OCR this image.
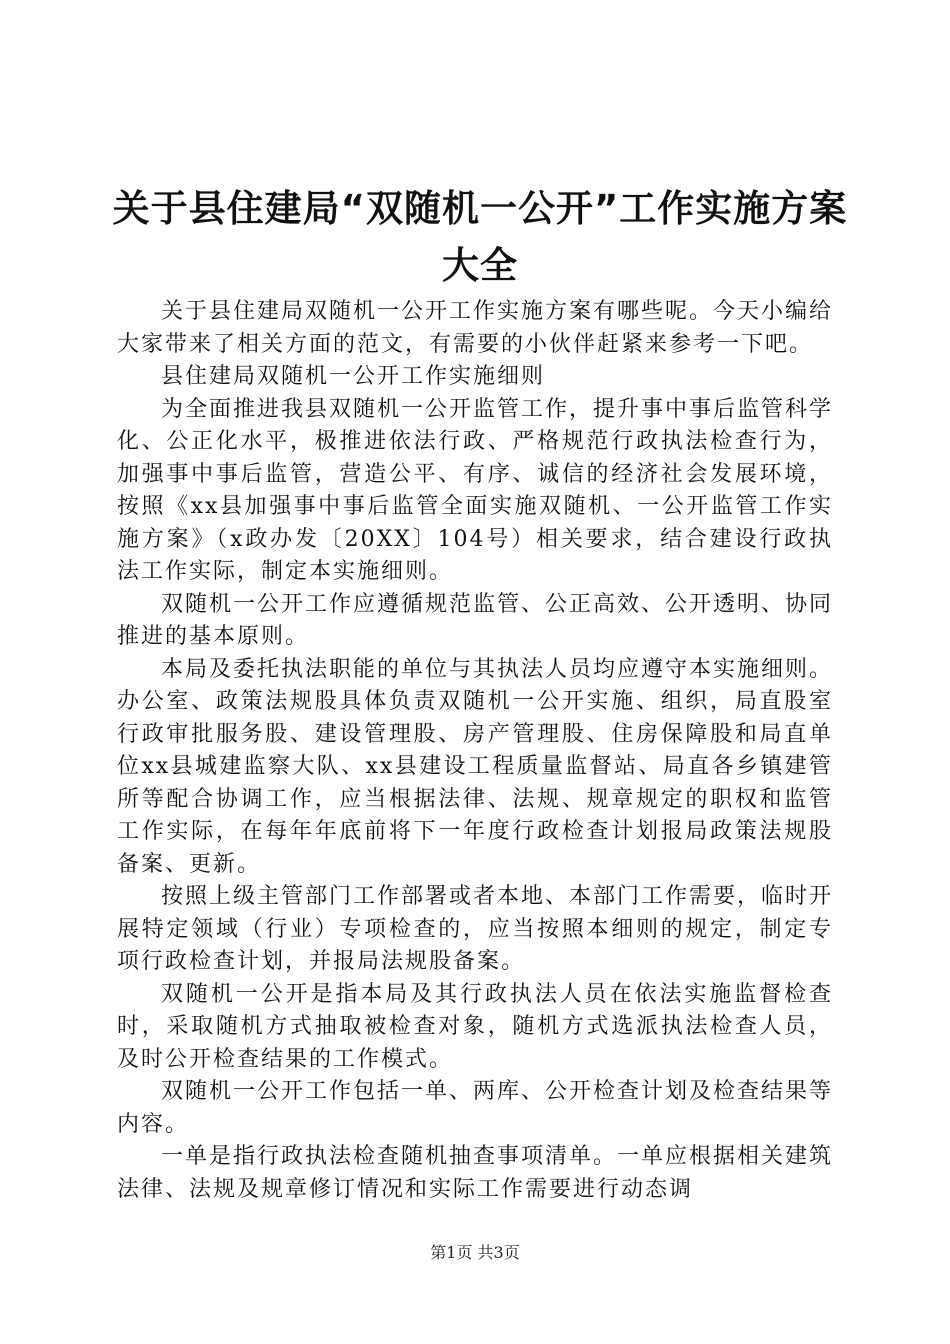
关于县住建局“双随机一公开”工作实施方案
大全

关于县住建局双随机一公开工作实施方案有哪些呢。今天小编给大家带来了相关方面的范文，有需要的小伙伴赶紧来参考一下吧。

县住建局双随机一公开工作实施细则

为全面推进我县双随机一公开监管工作，提升事中事后监管科学化、公正化水平，极推进依法行政、严格规范行政执法检查行为，加强事中事后监管，营造公平、有序、诚信的经济社会发展环境，按照《xx县加强事中事后监管全面实施双随机、一公开监管工作实施方案》（x政办发〔20XX〕104号）相关要求，结合建设行政执法工作实际，制定本实施细则。

双随机一公开工作应遵循规范监管、公正高效、公开透明、协同推进的基本原则。

本局及委托执法职能的单位与其执法人员均应遵守本实施细则。办公室、政策法规股具体负责双随机一公开实施、组织，局直股室行政审批服务股、建设管理股、房产管理股、住房保障股和局直单位xx县城建监察大队、xx县建设工程质量监督站、局直各乡镇建管所等配合协调工作，应当根据法律、法规、规章规定的职权和监管工作实际，在每年年底前将下一年度行政检查计划报局政策法规股备案、更新。

按照上级主管部门工作部署或者本地、本部门工作需要，临时开展特定领域（行业）专项检查的，应当按照本细则的规定，制定专项行政检查计划，并报局法规股备案。

双随机一公开是指本局及其行政执法人员在依法实施监督检查时，采取随机方式抽取被检查对象，随机方式选派执法检查人员，及时公开检查结果的工作模式。

双随机一公开工作包括一单、两库、公开检查计划及检查结果等内容。

一单是指行政执法检查随机抽查事项清单。一单应根据相关建筑法律、法规及规章修订情况和实际工作需要进行动态调

第1页 共3页
